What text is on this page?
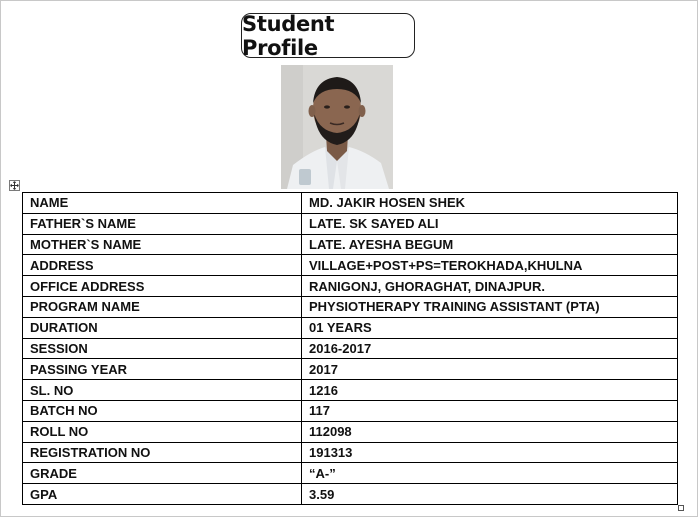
Student Profile
NAME	MD. JAKIR HOSEN SHEK
FATHER`S NAME	LATE. SK SAYED ALI
MOTHER`S NAME	LATE. AYESHA BEGUM
ADDRESS	VILLAGE+POST+PS=TEROKHADA,KHULNA
OFFICE ADDRESS	RANIGONJ, GHORAGHAT, DINAJPUR.
PROGRAM NAME	PHYSIOTHERAPY TRAINING ASSISTANT (PTA)
DURATION	01 YEARS
SESSION	2016-2017
PASSING YEAR	2017
SL. NO	1216
BATCH NO	117
ROLL NO	112098
REGISTRATION NO	191313
GRADE	“A-”
GPA	3.59
